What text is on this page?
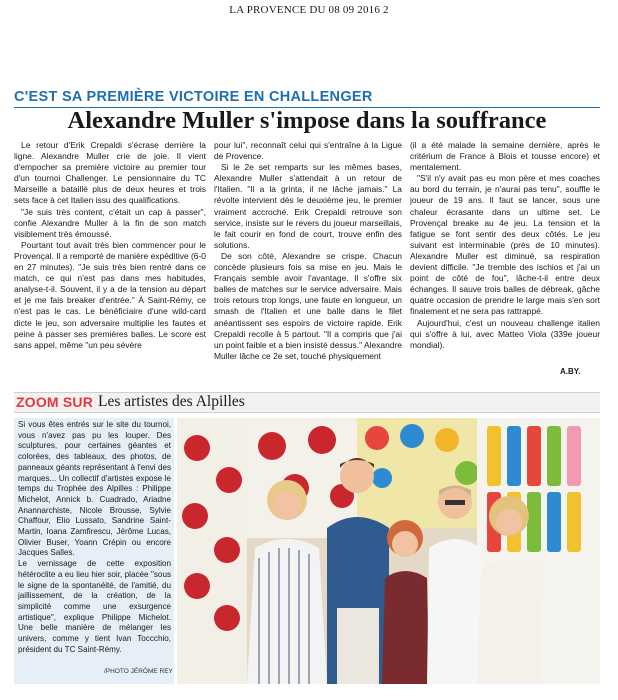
LA PROVENCE DU 08 09 2016 2
C'EST SA PREMIÈRE VICTOIRE EN CHALLENGER
Alexandre Muller s'impose dans la souffrance

Le retour d'Erik Crepaldi s'écrase derrière la ligne. Alexandre Muller crie de joie. Il vient d'empocher sa première victoire au premier tour d'un tournoi Challenger. Le pensionnaire du TC Marseille a bataillé plus de deux heures et trois sets face à cet Italien issu des qualifications.

"Je suis très content, c'était un cap à passer", confie Alexandre Muller à la fin de son match visiblement très émoussé.

Pourtant tout avait très bien commencer pour le Provençal. Il a remporté de manière expéditive (6-0 en 27 minutes). "Je suis très bien rentré dans ce match, ce qui n'est pas dans mes habitudes, analyse-t-il. Souvent, il y a de la tension au départ et je me fais breaker d'entrée." À Saint-Rémy, ce n'est pas le cas. Le bénéficiaire d'une wild-card dicte le jeu, son adversaire multiplie les fautes et peine à passer ses premières balles. Le score est sans appel, même "un peu sévère

pour lui", reconnaît celui qui s'entraîne à la Ligue de Provence.

Si le 2e set remparts sur les mêmes bases, Alexandre Muller s'attendait à un retour de l'Italien. "Il a la grinta, il ne lâche jamais." La révolte intervient dès le deuxième jeu, le premier vraiment accroché. Erik Crepaldi retrouve son service, insiste sur le revers du joueur marseillais, le fait courir en fond de court, trouve enfin des solutions.

De son côté, Alexandre se crispe. Chacun concède plusieurs fois sa mise en jeu. Mais le Français semble avoir l'avantage. Il s'offre six balles de matches sur le service adversaire. Mais trois retours trop longs, une faute en longueur, un smash de l'Italien et une balle dans le filet anéantissent ses espoirs de victoire rapide. Erik Crepaldi recolle à 5 partout. "Il a compris que j'ai un point faible et a bien insisté dessus." Alexandre Muller lâche ce 2e set, touché physiquement

(il a été malade la semaine dernière, après le critérium de France à Blois et tousse encore) et mentalement.

"S'il n'y avait pas eu mon père et mes coaches au bord du terrain, je n'aurai pas tenu", souffle le joueur de 19 ans. Il faut se lancer, sous une chaleur écrasante dans un ultime set. Le Provençal breake au 4e jeu. La tension et la fatigue se font sentir des deux côtés. Le jeu suivant est interminable (près de 10 minutes). Alexandre Muller est diminué, sa respiration devient difficile. "Je tremble des ischios et j'ai un point de côté de fou", lâche-t-il entre deux échanges. Il sauve trois balles de débreak, gâche quatre occasion de prendre le large mais s'en sort finalement et ne sera pas rattrappé.

Aujourd'hui, c'est un nouveau challenge italien qui s'offre à lui, avec Matteo Viola (339e joueur mondial).

A.BY.
ZOOM SUR Les artistes des Alpilles

Si vous êtes entrés sur le site du tournoi, vous n'avez pas pu les louper. Des sculptures, pour certaines géantes et colorées, des tableaux, des photos, de panneaux géants représentant à l'envi des marques... Un collectif d'artistes expose le temps du Trophée des Alpilles : Philippe Michelot, Annick b. Cuadrado, Ariadne Anannarchiste, Nicole Brousse, Sylvie Chaffour, Elio Lussato, Sandrine Saint-Martin, Ioana Zamfirescu, Jérôme Lucas, Olivier Buser, Yoann Crépin ou encore Jacques Salles.

Le vernissage de cette exposition hétéroclite a eu lieu hier soir, placée "sous le signe de la spontanéité, de l'amitié, du jaillissement, de la création, de la simplicité comme une exsurgence artistique", explique Philippe Michelot. Une belle manière de mélanger les univers, comme y tient Ivan Toccchio, président du TC Saint-Rémy.

/PHOTO JÉRÔME REY
